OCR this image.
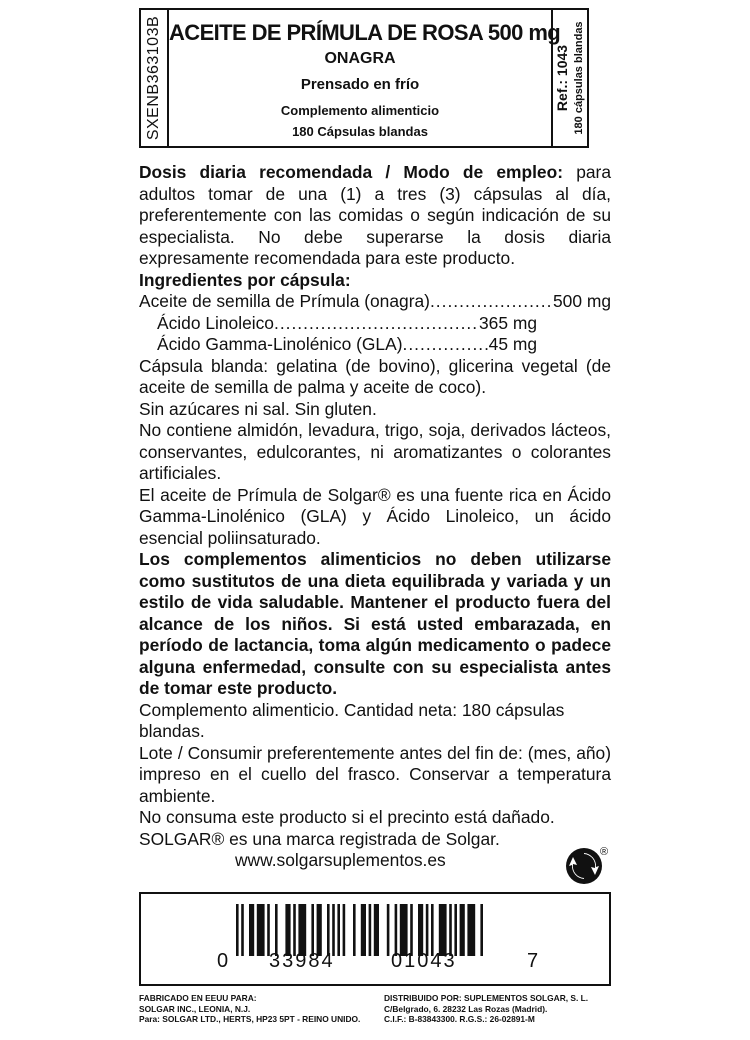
SXENB363103B ACEITE DE PRÍMULA DE ROSA 500 mg
ONAGRA
Prensado en frío
Complemento alimenticio
180 Cápsulas blandas
Ref.: 1043 180 cápsulas blandas

Dosis diaria recomendada / Modo de empleo: para adultos tomar de una (1) a tres (3) cápsulas al día, preferentemente con las comidas o según indicación de su especialista. No debe superarse la dosis diaria expresamente recomendada para este producto.

Ingredientes por cápsula:

Aceite de semilla de Prímula (onagra) .....	500 mg
Ácido Linoleico .....	365 mg
Ácido Gamma-Linolénico (GLA) .....	45 mg

Cápsula blanda: gelatina (de bovino), glicerina vegetal (de aceite de semilla de palma y aceite de coco).

Sin azúcares ni sal. Sin gluten.

No contiene almidón, levadura, trigo, soja, derivados lácteos, conservantes, edulcorantes, ni aromatizantes o colorantes artificiales.

El aceite de Prímula de Solgar® es una fuente rica en Ácido Gamma-Linolénico (GLA) y Ácido Linoleico, un ácido esencial poliinsaturado.

Los complementos alimenticios no deben utilizarse como sustitutos de una dieta equilibrada y variada y un estilo de vida saludable. Mantener el producto fuera del alcance de los niños. Si está usted embarazada, en período de lactancia, toma algún medicamento o padece alguna enfermedad, consulte con su especialista antes de tomar este producto.

Complemento alimenticio. Cantidad neta: 180 cápsulas blandas.

Lote / Consumir preferentemente antes del fin de: (mes, año) impreso en el cuello del frasco. Conservar a temperatura ambiente.

No consuma este producto si el precinto está dañado.

SOLGAR® es una marca registrada de Solgar.

www.solgarsuplementos.es	®
0 33984	01043	7
FABRICADO EN EEUU PARA:
SOLGAR INC., LEONIA, N.J.
Para: SOLGAR LTD., HERTS, HP23 5PT - REINO UNIDO.
DISTRIBUIDO POR: SUPLEMENTOS SOLGAR, S. L.
C/Belgrado, 6. 28232 Las Rozas (Madrid).
C.I.F.: B-83843300. R.G.S.: 26-02891-M
